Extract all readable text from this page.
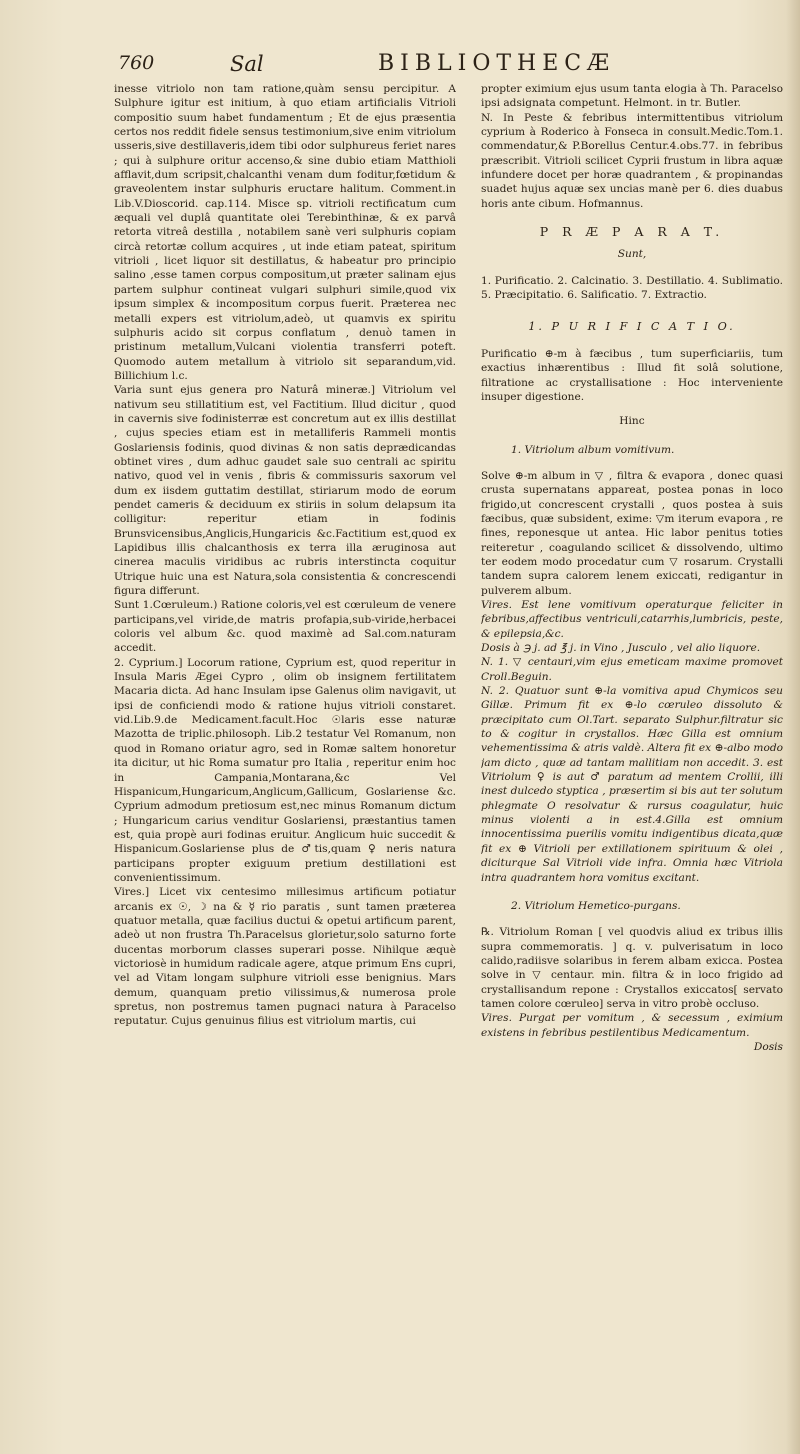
760	Sal	BIBLIOTHECÆ

inesse vitriolo non tam ratione,quàm sensu percipitur. A Sulphure igitur est initium, à quo etiam artificialis Vitrioli compositio suum habet fundamentum ; Et de ejus præsentia certos nos reddit fidele sensus testimonium,sive enim vitriolum usseris,sive destillaveris,idem tibi odor sulphureus feriet nares ; qui à sulphure oritur accenso,& sine dubio etiam Matthioli afflavit,dum scripsit,chalcanthi venam dum foditur,fœtidum & graveolentem instar sulphuris eructare halitum. Comment.in Lib.V.Dioscorid. cap.114. Misce sp. vitrioli rectificatum cum æquali vel duplâ quantitate olei Terebinthinæ, & ex parvâ retorta vitreâ destilla , notabilem sanè veri sulphuris copiam circà retortæ collum acquires , ut inde etiam pateat, spiritum vitrioli , licet liquor sit destillatus, & habeatur pro principio salino ,esse tamen corpus compositum,ut præter salinam ejus partem sulphur contineat vulgari sulphuri simile,quod vix ipsum simplex & incompositum corpus fuerit. Præterea nec metalli expers est vitriolum,adeò, ut quamvis ex spiritu sulphuris acido sit corpus conflatum , denuò tamen in pristinum metallum,Vulcani violentia transferri poteft. Quomodo autem metallum à vitriolo sit separandum,vid. Billichium l.c.

Varia sunt ejus genera pro Naturâ mineræ.] Vitriolum vel nativum seu stillatitium est, vel Factitium. Illud dicitur , quod in cavernis sive fodinisterræ est concretum aut ex illis destillat , cujus species etiam est in metalliferis Rammeli montis Goslariensis fodinis, quod divinas & non satis deprædicandas obtinet vires , dum adhuc gaudet sale suo centrali ac spiritu nativo, quod vel in venis , fibris & commissuris saxorum vel dum ex iisdem guttatim destillat, stiriarum modo de eorum pendet cameris & deciduum ex stiriis in solum delapsum ita colligitur: reperitur etiam in fodinis Brunsvicensibus,Anglicis,Hungaricis &c.Factitium est,quod ex Lapidibus illis chalcanthosis ex terra illa æruginosa aut cinerea maculis viridibus ac rubris interstincta coquitur Utrique huic una est Natura,sola consistentia & concrescendi figura differunt.

Sunt 1.Cœruleum.) Ratione coloris,vel est cœruleum de venere participans,vel viride,de matris profapia,sub-viride,herbacei coloris vel album &c. quod maximè ad Sal.com.naturam accedit.

2. Cyprium.] Locorum ratione, Cyprium est, quod reperitur in Insula Maris Ægei Cypro , olim ob insignem fertilitatem Macaria dicta. Ad hanc Insulam ipse Galenus olim navigavit, ut ipsi de conficiendi modo & ratione hujus vitrioli constaret. vid.Lib.9.de Medicament.facult.Hoc ☉laris esse naturæ Mazotta de triplic.philosoph. Lib.2 testatur Vel Romanum, non quod in Romano oriatur agro, sed in Romæ saltem honoretur ita dicitur, ut hic Roma sumatur pro Italia , reperitur enim hoc in Campania,Montarana,&c Vel Hispanicum,Hungaricum,Anglicum,Gallicum, Goslariense &c. Cyprium admodum pretiosum est,nec minus Romanum dictum ; Hungaricum carius venditur Goslariensi, præstantius tamen est, quia propè auri fodinas eruitur. Anglicum huic succedit & Hispanicum.Goslariense plus de ♂tis,quam ♀ neris natura participans propter exiguum pretium destillationi est convenientissimum.

Vires.] Licet vix centesimo millesimus artificum potiatur arcanis ex ☉, ☽ na & ☿ rio paratis , sunt tamen præterea quatuor metalla, quæ facilius ductui & opetui artificum parent, adeò ut non frustra Th.Paracelsus glorietur,solo saturno forte ducentas morborum classes superari posse. Nihilque æquè victoriosè in humidum radicale agere, atque primum Ens cupri, vel ad Vitam longam sulphure vitrioli esse benignius. Mars demum, quanquam pretio vilissimus,& numerosa prole spretus, non postremus tamen pugnaci natura à Paracelso reputatur. Cujus genuinus filius est vitriolum martis, cui

propter eximium ejus usum tanta elogia à Th. Paracelso ipsi adsignata competunt. Helmont. in tr. Butler.

N. In Peste & febribus intermittentibus vitriolum cyprium à Roderico à Fonseca in consult.Medic.Tom.1. commendatur,& P.Borellus Centur.4.obs.77. in febribus præscribit. Vitrioli scilicet Cyprii frustum in libra aquæ infundere docet per horæ quadrantem , & propinandas suadet hujus aquæ sex uncias manè per 6. dies duabus horis ante cibum. Hofmannus.

P R Æ P A R A T.
Sunt,

1. Purificatio. 2. Calcinatio. 3. Destillatio. 4. Sublimatio. 5. Præcipitatio. 6. Salificatio. 7. Extractio.

1. P U R I F I C A T I O.

Purificatio ⊕-m à fæcibus , tum superficiariis, tum exactius inhærentibus : Illud fit solâ solutione, filtratione ac crystallisatione : Hoc interveniente insuper digestione.

Hinc
1. Vitriolum album vomitivum.

Solve ⊕-m album in ▽ , filtra & evapora , donec quasi crusta supernatans appareat, postea ponas in loco frigido,ut concrescent crystalli , quos postea à suis fæcibus, quæ subsident, exime: ▽m iterum evapora , re fines, reponesque ut antea. Hic labor penitus toties reiteretur , coagulando scilicet & dissolvendo, ultimo ter eodem modo procedatur cum ▽ rosarum. Crystalli tandem supra calorem lenem exiccati, redigantur in pulverem album.

Vires. Est lene vomitivum operaturque feliciter in febribus,affectibus ventriculi,catarrhis,lumbricis, peste, & epilepsia,&c.

Dosis à ℈ j. ad ℥ j. in Vino , Jusculo , vel alio liquore.

N. 1. ▽ centauri,vim ejus emeticam maxime promovet Croll.Beguin.

N. 2. Quatuor sunt ⊕-la vomitiva apud Chymicos seu Gillæ. Primum fit ex ⊕-lo cœruleo dissoluto & præcipitato cum Ol.Tart. separato Sulphur.filtratur sic to & cogitur in crystallos. Hæc Gilla est omnium vehementissima & atris valdè. Altera fit ex ⊕-albo modo jam dicto , quæ ad tantam mallitiam non accedit. 3. est Vitriolum ♀ is aut ♂ paratum ad mentem Crollii, illi inest dulcedo styptica , præsertim si bis aut ter solutum phlegmate O resolvatur & rursus coagulatur, huic minus violenti a in est.4.Gilla est omnium innocentissima puerilis vomitu indigentibus dicata,quæ fit ex ⊕ Vitrioli per extillationem spirituum & olei , diciturque Sal Vitrioli vide infra. Omnia hæc Vitriola intra quadrantem hora vomitus excitant.

2. Vitriolum Hemetico-purgans.

℞. Vitriolum Roman [ vel quodvis aliud ex tribus illis supra commemoratis. ] q. v. pulverisatum in loco calido,radiisve solaribus in ferem albam exicca. Postea solve in ▽ centaur. min. filtra & in loco frigido ad crystallisandum repone : Crystallos exiccatos[ servato tamen colore cœruleo] serva in vitro probè occluso.

Vires. Purgat per vomitum , & secessum , eximium existens in febribus pestilentibus Medicamentum.

Dosis
